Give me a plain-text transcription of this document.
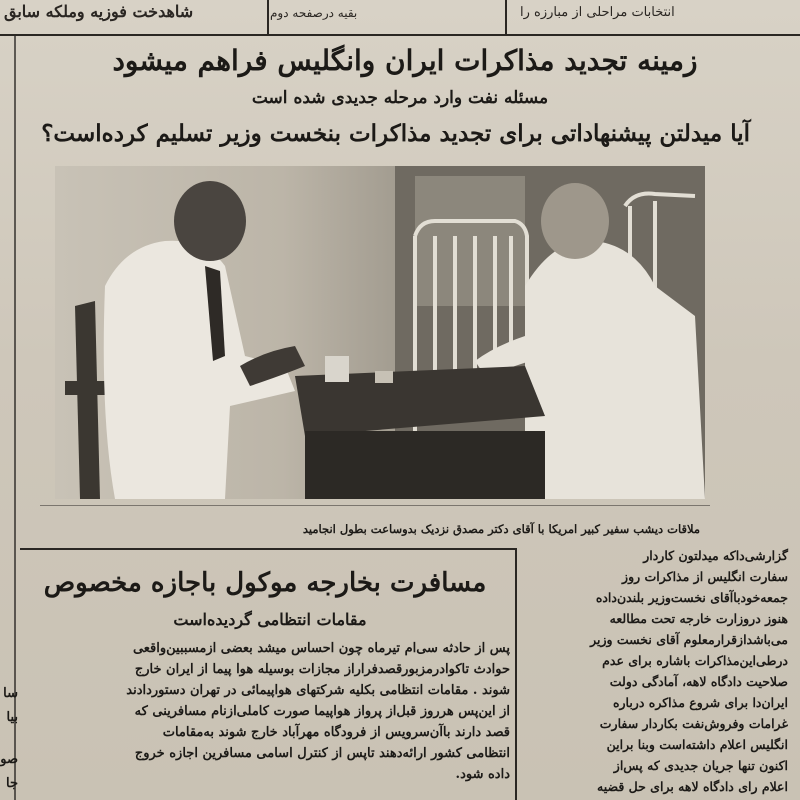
شاهدخت فوزیه وملکه سابق	بقیه درصفحه دوم	انتخابات مراحلی از مبارزه را
زمینه تجدید مذاکرات ایران وانگلیس فراهم میشود
مسئله نفت وارد مرحله جدیدی شده است
آیا میدلتن پیشنهاداتی برای تجدید مذاکرات بنخست وزیر تسلیم کرده‌است؟
ملاقات دیشب سفیر کبیر امریکا با آقای دکتر مصدق نزدیک بدوساعت بطول انجامید
مسافرت بخارجه موکول باجازه مخصوص
مقامات انتظامی گردیده‌است

پس از حادثه سی‌ام تیرماه چون احساس میشد بعضی ازمسببین‌واقعی

حوادث تاکوادرمزبورقصدفراراز مجازات بوسیله هوا پیما از ایران خارج

شوند . مقامات انتظامی بکلیه شرکتهای هواپیمائی در تهران دستوردادند

از این‌پس هرروز قبل‌از پرواز هواپیما صورت کاملی‌ازنام مسافرینی که

قصد دارند باآن‌سرویس از فرودگاه مهرآباد خارج شوند به‌مقامات

انتظامی کشور ارائه‌دهند تاپس از کنترل اسامی مسافرین اجازه خروج

داده شود.

گزارشی‌داکه میدلتون کاردار

سفارت انگلیس از مذاکرات روز

جمعه‌خودباآقای نخست‌وزیر بلندن‌داده

هنوز دروزارت خارجه تحت مطالعه

می‌باشدازقرارمعلوم آقای نخست وزیر

درطی‌این‌مذاکرات باشاره برای عدم

صلاحیت دادگاه لاهه، آمادگی دولت

ایران‌دا برای شروع مذاکره درباره

غرامات وفروش‌نفت بکاردار سفارت

انگلیس اعلام داشته‌است وبنا براین

اکنون تنها جریان جدیدی که پس‌از

اعلام رای دادگاه لاهه برای حل قضیه

سا
بیا
صو
جا
